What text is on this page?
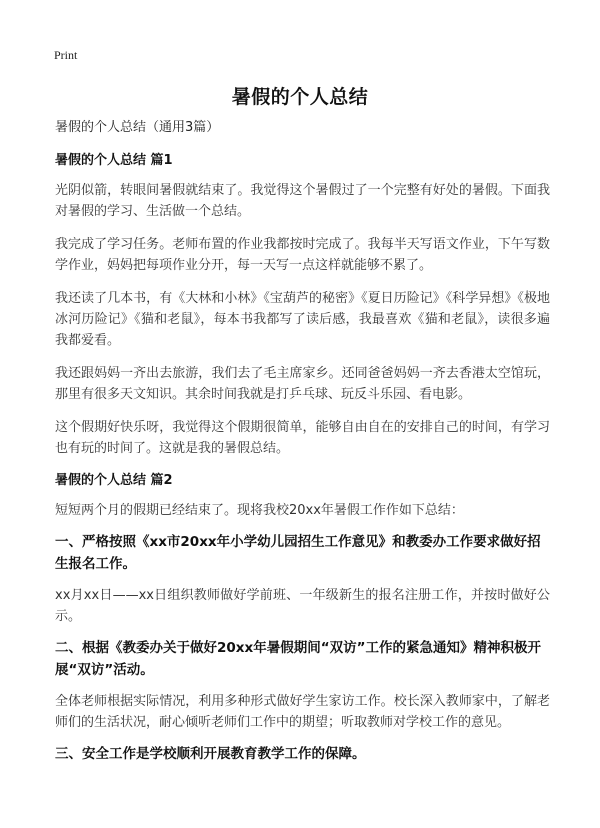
Print
暑假的个人总结
暑假的个人总结（通用3篇）
暑假的个人总结 篇1

光阴似箭，转眼间暑假就结束了。我觉得这个暑假过了一个完整有好处的暑假。下面我对暑假的学习、生活做一个总结。

我完成了学习任务。老师布置的作业我都按时完成了。我每半天写语文作业，下午写数学作业，妈妈把每项作业分开，每一天写一点这样就能够不累了。

我还读了几本书，有《大林和小林》《宝葫芦的秘密》《夏日历险记》《科学异想》《极地冰河历险记》《猫和老鼠》，每本书我都写了读后感，我最喜欢《猫和老鼠》，读很多遍我都爱看。

我还跟妈妈一齐出去旅游，我们去了毛主席家乡。还同爸爸妈妈一齐去香港太空馆玩，那里有很多天文知识。其余时间我就是打乒乓球、玩反斗乐园、看电影。

这个假期好快乐呀，我觉得这个假期很简单，能够自由自在的安排自己的时间，有学习也有玩的时间了。这就是我的暑假总结。

暑假的个人总结 篇2

短短两个月的假期已经结束了。现将我校20xx年暑假工作作如下总结：

一、严格按照《xx市20xx年小学幼儿园招生工作意见》和教委办工作要求做好招生报名工作。

xx月xx日——xx日组织教师做好学前班、一年级新生的报名注册工作，并按时做好公示。

二、根据《教委办关于做好20xx年暑假期间“双访”工作的紧急通知》精神积极开展“双访”活动。

全体老师根据实际情况，利用多种形式做好学生家访工作。校长深入教师家中，了解老师们的生活状况，耐心倾听老师们工作中的期望；听取教师对学校工作的意见。

三、安全工作是学校顺利开展教育教学工作的保障。
